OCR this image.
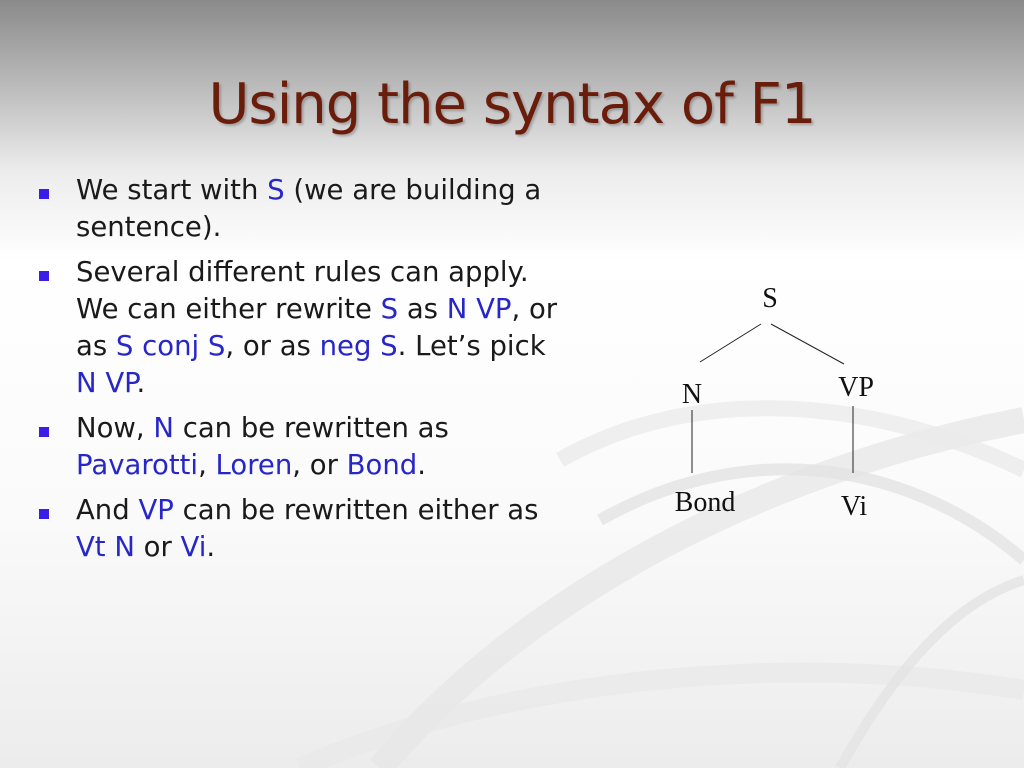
Using the syntax of F1
We start with S (we are building a sentence).
Several different rules can apply. We can either rewrite S as N VP, or as S conj S, or as neg S. Let’s pick N VP.
Now, N can be rewritten as Pavarotti, Loren, or Bond.
And VP can be rewritten either as Vt N or Vi.
S
N	VP
Bond	Vi
